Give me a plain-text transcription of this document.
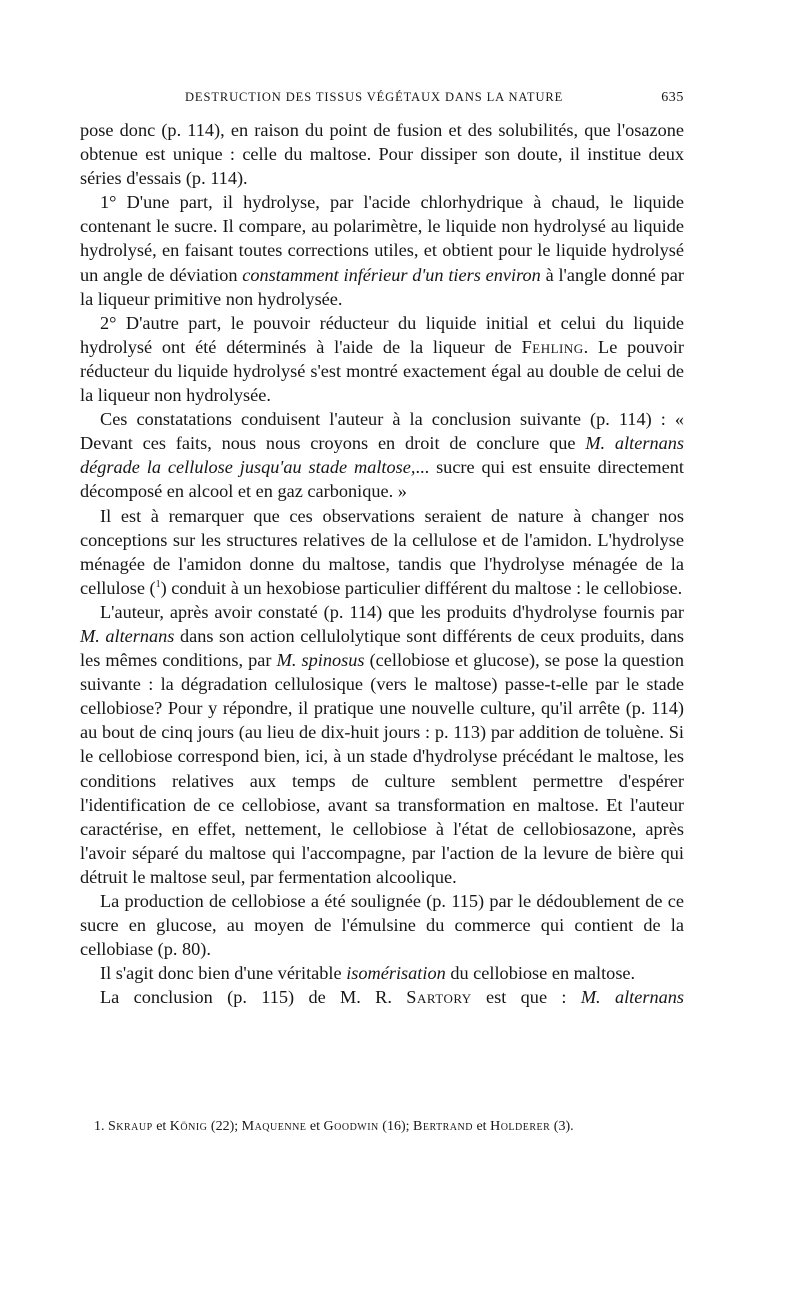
DESTRUCTION DES TISSUS VÉGÉTAUX DANS LA NATURE	635

pose donc (p. 114), en raison du point de fusion et des solubilités, que l'osazone obtenue est unique : celle du maltose. Pour dissiper son doute, il institue deux séries d'essais (p. 114).

1° D'une part, il hydrolyse, par l'acide chlorhydrique à chaud, le liquide contenant le sucre. Il compare, au polarimètre, le liquide non hydrolysé au liquide hydrolysé, en faisant toutes corrections utiles, et obtient pour le liquide hydrolysé un angle de déviation constamment inférieur d'un tiers environ à l'angle donné par la liqueur primitive non hydrolysée.

2° D'autre part, le pouvoir réducteur du liquide initial et celui du liquide hydrolysé ont été déterminés à l'aide de la liqueur de Fehling. Le pouvoir réducteur du liquide hydrolysé s'est montré exactement égal au double de celui de la liqueur non hydrolysée.

Ces constatations conduisent l'auteur à la conclusion suivante (p. 114) : « Devant ces faits, nous nous croyons en droit de conclure que M. alternans dégrade la cellulose jusqu'au stade maltose,... sucre qui est ensuite directement décomposé en alcool et en gaz carbonique. »

Il est à remarquer que ces observations seraient de nature à changer nos conceptions sur les structures relatives de la cellulose et de l'amidon. L'hydrolyse ménagée de l'amidon donne du maltose, tandis que l'hydrolyse ménagée de la cellulose ($^1$) conduit à un hexobiose particulier différent du maltose : le cellobiose.

L'auteur, après avoir constaté (p. 114) que les produits d'hydrolyse fournis par M. alternans dans son action cellulolytique sont différents de ceux produits, dans les mêmes conditions, par M. spinosus (cellobiose et glucose), se pose la question suivante : la dégradation cellulosique (vers le maltose) passe-t-elle par le stade cellobiose? Pour y répondre, il pratique une nouvelle culture, qu'il arrête (p. 114) au bout de cinq jours (au lieu de dix-huit jours : p. 113) par addition de toluène. Si le cellobiose correspond bien, ici, à un stade d'hydrolyse précédant le maltose, les conditions relatives aux temps de culture semblent permettre d'espérer l'identification de ce cellobiose, avant sa transformation en maltose. Et l'auteur caractérise, en effet, nettement, le cellobiose à l'état de cellobiosazone, après l'avoir séparé du maltose qui l'accompagne, par l'action de la levure de bière qui détruit le maltose seul, par fermentation alcoolique.

La production de cellobiose a été soulignée (p. 115) par le dédoublement de ce sucre en glucose, au moyen de l'émulsine du commerce qui contient de la cellobiase (p. 80).

Il s'agit donc bien d'une véritable isomérisation du cellobiose en maltose.

La conclusion (p. 115) de M. R. Sartory est que : M. alternans

1. Skraup et König (22); Maquenne et Goodwin (16); Bertrand et Holderer (3).
